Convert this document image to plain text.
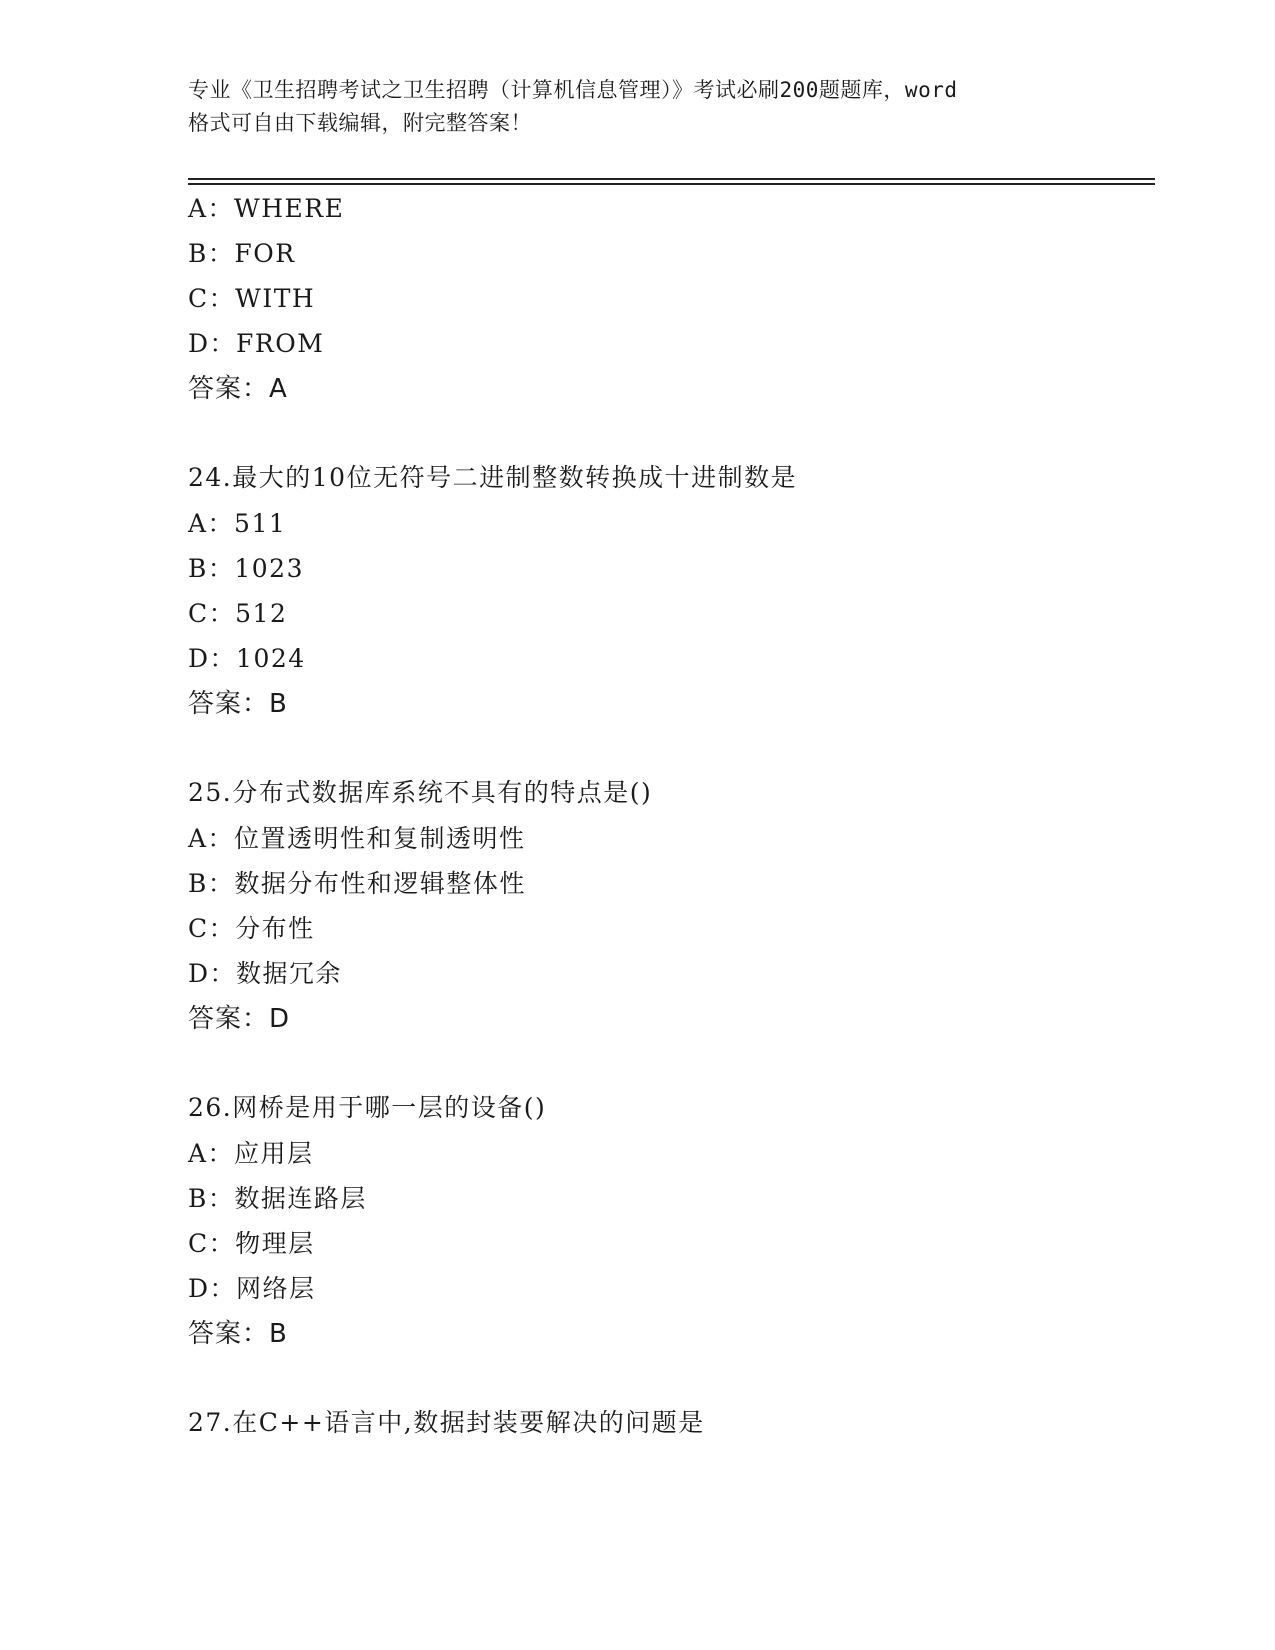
专业《卫生招聘考试之卫生招聘（计算机信息管理）》考试必刷200题题库，word
格式可自由下载编辑，附完整答案！
A：WHERE
B：FOR
C：WITH
D：FROM
答案：A
24.最大的10位无符号二进制整数转换成十进制数是
A：511
B：1023
C：512
D：1024
答案：B
25.分布式数据库系统不具有的特点是()
A：位置透明性和复制透明性
B：数据分布性和逻辑整体性
C：分布性
D：数据冗余
答案：D
26.网桥是用于哪一层的设备()
A：应用层
B：数据连路层
C：物理层
D：网络层
答案：B
27.在C++语言中,数据封装要解决的问题是
